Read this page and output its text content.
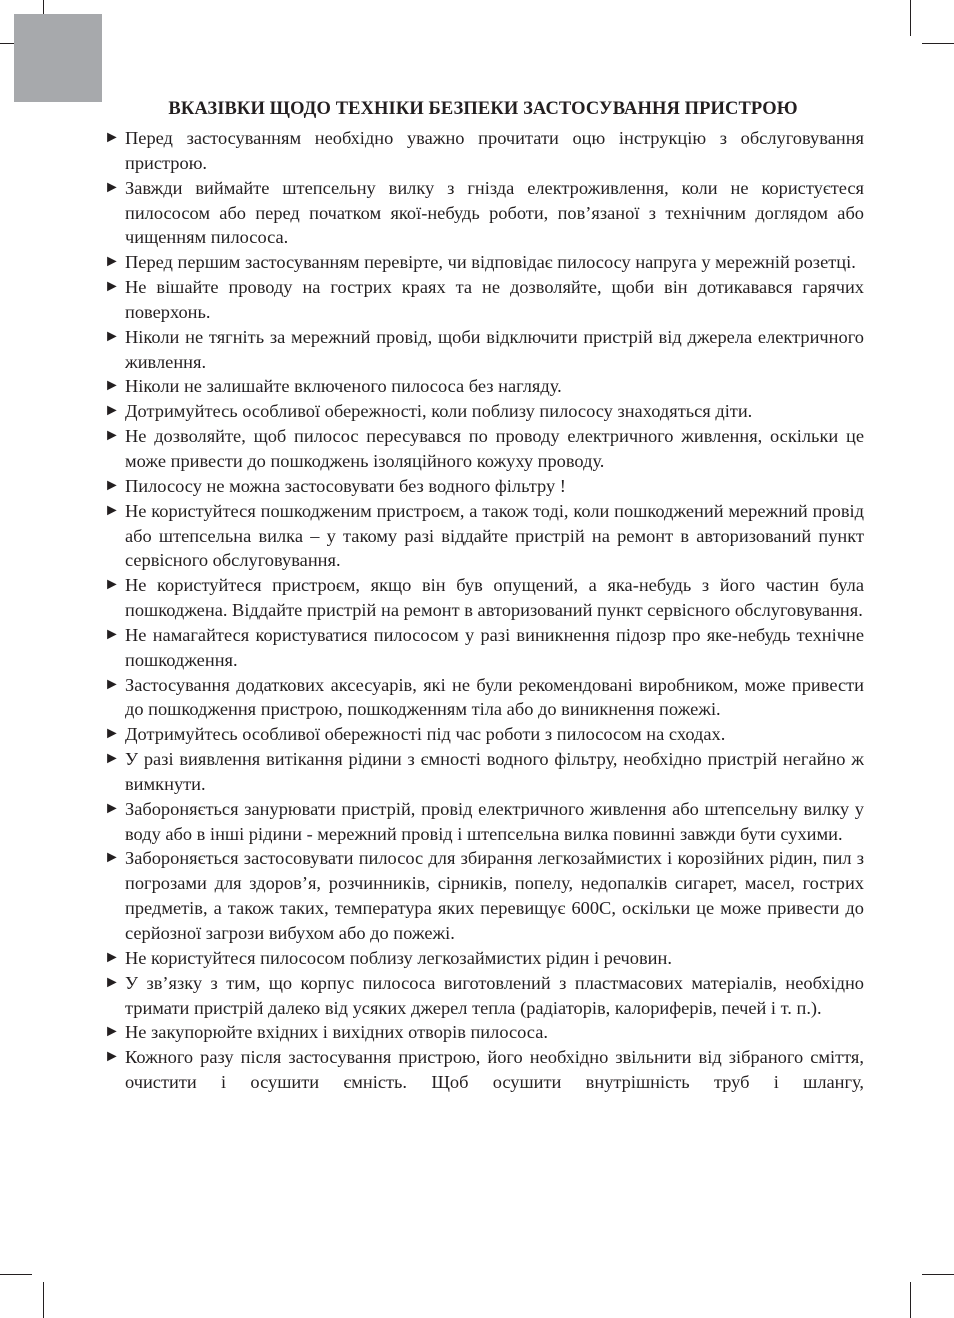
ВКАЗІВКИ ЩОДО ТЕХНІКИ БЕЗПЕКИ ЗАСТОСУВАННЯ ПРИСТРОЮ
► Перед застосуванням необхідно уважно прочитати оцю інструкцію з обслуговування пристрою.
► Завжди виймайте штепсельну вилку з гнізда електроживлення, коли не користуєтеся пилососом або перед початком якої-небудь роботи, пов’язаної з технічним доглядом або чищенням пилососа.
► Перед першим застосуванням перевірте, чи відповідає пилососу напруга у мережній розетці.
► Не вішайте проводу на гострих краях та не дозволяйте, щоби він дотикавався гарячих поверхонь.
► Ніколи не тягніть за мережний провід, щоби відключити пристрій від джерела електричного живлення.
► Ніколи не залишайте включеного пилососа без нагляду.
► Дотримуйтесь особливої обережності, коли поблизу пилососу знаходяться діти.
► Не дозволяйте, щоб пилосос пересувався по проводу електричного живлення, оскільки це може привести до пошкоджень ізоляційного кожуху проводу.
► Пилососу не можна застосовувати без водного фільтру !
► Не користуйтеся пошкодженим пристроєм, а також тоді, коли пошкоджений мережний провід або штепсельна вилка – у такому разі віддайте пристрій на ремонт в авторизований пункт сервісного обслуговування.
► Не користуйтеся пристроєм, якщо він був опущений, а яка-небудь з його частин була пошкоджена. Віддайте пристрій на ремонт в авторизований пункт сервісного обслуговування.
► Не намагайтеся користуватися пилососом у разі виникнення підозр про яке-небудь технічне пошкодження.
► Застосування додаткових аксесуарів, які не були рекомендовані виробником, може привести до пошкодження пристрою, пошкодженням тіла або до виникнення пожежі.
► Дотримуйтесь особливої обережності під час роботи з пилососом на сходах.
► У разі виявлення витікання рідини з ємності водного фільтру, необхідно пристрій негайно ж вимкнути.
► Забороняється занурювати пристрій, провід електричного живлення або штепсельну вилку у воду або в інші рідини - мережний провід і штепсельна вилка повинні завжди бути сухими.
► Забороняється застосовувати пилосос для збирання легкозаймистих і корозійних рідин, пил з погрозами для здоров’я, розчинників, сірників, попелу, недопалків сигарет, масел, гострих предметів, а також таких, температура яких перевищує 600С, оскільки це може привести до серйозної загрози вибухом або до пожежі.
► Не користуйтеся пилососом поблизу легкозаймистих рідин і речовин.
► У зв’язку з тим, що корпус пилососа виготовлений з пластмасових матеріалів, необхідно тримати пристрій далеко від усяких джерел тепла (радіаторів, калориферів, печей і т. п.).
► Не закупорюйте вхідних і вихідних отворів пилососа.
► Кожного разу після застосування пристрою, його необхідно звільнити від зібраного сміття, очистити і осушити ємність. Щоб осушити внутрішність труб і шлангу,
